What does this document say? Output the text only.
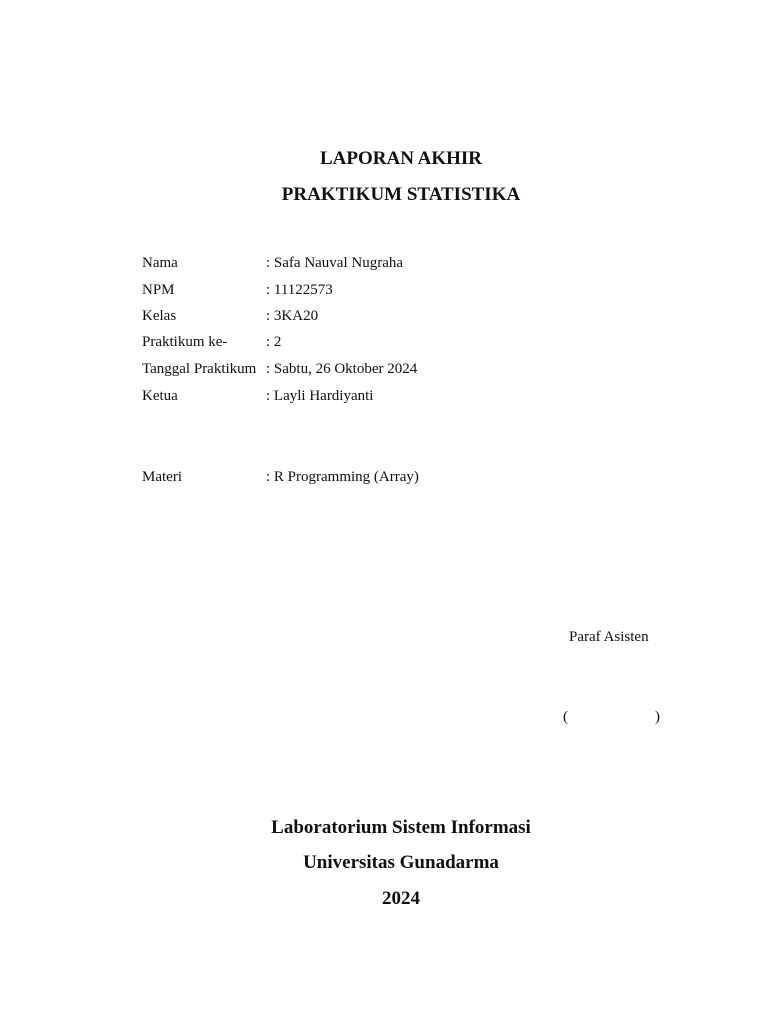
LAPORAN AKHIR
PRAKTIKUM STATISTIKA
Nama	: Safa Nauval Nugraha
NPM	: 11122573
Kelas	: 3KA20
Praktikum ke-	: 2
Tanggal Praktikum : Sabtu, 26 Oktober 2024
Ketua	: Layli Hardiyanti
Materi	: R Programming (Array)
Paraf Asisten
(	)
Laboratorium Sistem Informasi
Universitas Gunadarma
2024
